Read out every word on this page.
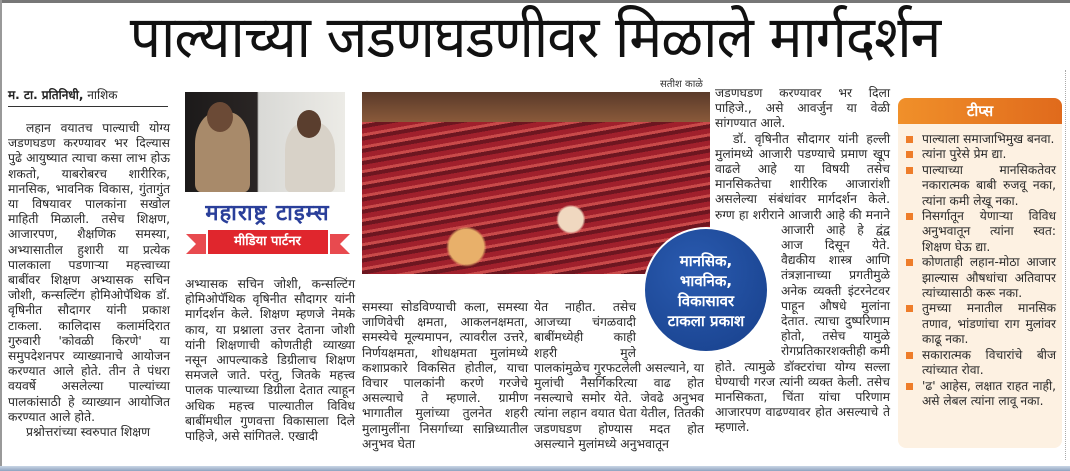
पाल्याच्या जडणघडणीवर मिळाले मार्गदर्शन
म. टा. प्रतिनिधी, नाशिक

लहान वयातच पाल्याची योग्य जडणघडण करण्यावर भर दिल्यास पुढे आयुष्यात त्याचा कसा लाभ होऊ शकतो, याबरोबरच शारीरिक, मानसिक, भावनिक विकास, गुंतागुंत या विषयावर पालकांना सखोल माहिती मिळाली. तसेच शिक्षण, आजारपण, शैक्षणिक समस्या, अभ्यासातील हुशारी या प्रत्येक पालकाला पडणाऱ्या महत्त्वाच्या बाबींवर शिक्षण अभ्यासक सचिन जोशी, कन्सल्टिंग होमिओपॅथिक डॉ. वृषिनीत सौदागर यांनी प्रकाश टाकला. कालिदास कलामंदिरात गुरुवारी 'कोवळी किरणे' या समुपदेशनपर व्याख्यानाचे आयोजन करण्यात आले होते. तीन ते पंधरा वयवर्षे असलेल्या पाल्यांच्या पालकांसाठी हे व्याख्यान आयोजित करण्यात आले होते.

प्रश्नोत्तरांच्या स्वरुपात शिक्षण

महाराष्ट्र टाइम्स
मीडिया पार्टनर
सतीश काळे

अभ्यासक सचिन जोशी, कन्सल्टिंग होमिओपॅथिक वृषिनीत सौदागर यांनी मार्गदर्शन केले. शिक्षण म्हणजे नेमके काय, या प्रश्नाला उत्तर देताना जोशी यांनी शिक्षणाची कोणतीही व्याख्या नसून आपल्याकडे डिग्रीलाच शिक्षण समजले जाते. परंतु, जितके महत्त्व पालक पाल्याच्या डिग्रीला देतात त्याहून अधिक महत्त्व पाल्यातील विविध बाबींमधील गुणवत्ता विकासाला दिले पाहिजे, असे सांगितले. एखादी

समस्या सोडविण्याची कला, समस्या जाणिवेची क्षमता, आकलनक्षमता, समस्येचे मूल्यमापन, त्यावरील उत्तरे, निर्णयक्षमता, शोधक्षमता मुलांमध्ये कशाप्रकारे विकसित होतील, याचा विचार पालकांनी करणे गरजेचे असल्याचे ते म्हणाले. ग्रामीण भागातील मुलांच्या तुलनेत शहरी मुलामुलींना निसर्गाच्या सान्निध्यातील अनुभव घेता

येत नाहीत. तसेच आजच्या चंगळवादी बाबींमध्येही काही शहरी मुले पालकांमुळेच गुरफटलेली असल्याने, या मुलांची नैसर्गिकरित्या वाढ होत नसल्याचे समोर येते. जेवढे अनुभव त्यांना लहान वयात घेता येतील, तितकी जडणघडण होण्यास मदत होत असल्याने मुलांमध्ये अनुभवातून

जडणघडण करण्यावर भर दिला पाहिजे., असे आवर्जुन या वेळी सांगण्यात आले.

डॉ. वृषिनीत सौदागर यांनी हल्ली मुलांमध्ये आजारी पडण्याचे प्रमाण खूप वाढले आहे या विषयी तसेच मानसिकतेचा शारीरिक आजारांशी असलेल्या संबंधांवर मार्गदर्शन केले. रुग्ण हा शरीराने आजारी आहे की मनाने आजारी आहे हे द्वंद्व आज दिसून येते. वैद्यकीय शास्त्र आणि तंत्रज्ञानाच्या प्रगतीमुळे अनेक व्यक्ती इंटरनेटवर पाहून औषधे मुलांना देतात. त्याचा दुष्परिणाम होतो, तसेच यामुळे रोगप्रतिकारशक्तीही कमी होते. त्यामुळे डॉक्टरांचा योग्य सल्ला घेण्याची गरज त्यांनी व्यक्त केली. तसेच मानसिकता, चिंता यांचा परिणाम आजारपण वाढण्यावर होत असल्याचे ते म्हणाले.

मानसिक,
भावनिक,
विकासावर
टाकला प्रकाश
टीप्स
पाल्याला समाजाभिमुख बनवा.
त्यांना पुरेसे प्रेम द्या.
पाल्याच्या मानसिकतेवर नकारात्मक बाबी रुजवू नका, त्यांना कमी लेखू नका.
निसर्गातून येणाऱ्या विविध अनुभवातून त्यांना स्वत: शिक्षण घेऊ द्या.
कोणताही लहान-मोठा आजार झाल्यास औषधांचा अतिवापर त्यांच्यासाठी करू नका.
तुमच्या मनातील मानसिक तणाव, भांडणांचा राग मुलांवर काढू नका.
सकारात्मक विचारांचे बीज त्यांच्यात रोवा.
'ढ' आहेस, लक्षात राहत नाही, असे लेबल त्यांना लावू नका.
